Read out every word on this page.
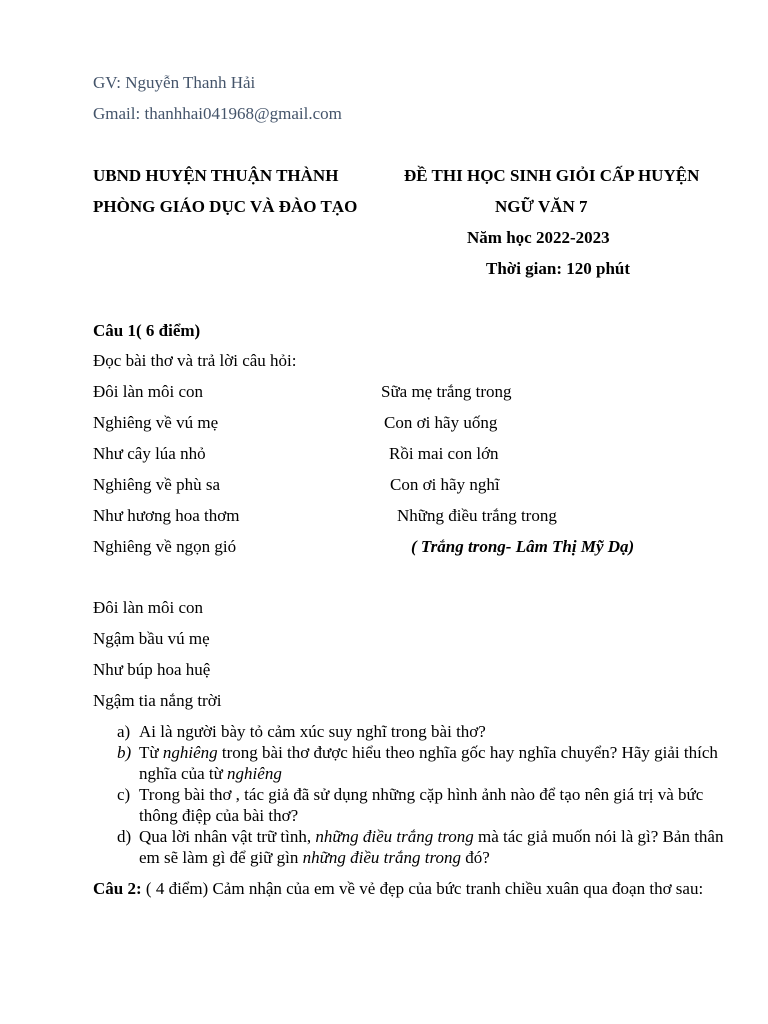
GV: Nguyễn Thanh Hải
Gmail: thanhhai041968@gmail.com
UBND HUYỆN THUẬN THÀNH
PHÒNG GIÁO DỤC VÀ ĐÀO TẠO
ĐỀ THI HỌC SINH GIỎI CẤP HUYỆN
NGỮ VĂN 7
Năm học 2022-2023
Thời gian: 120 phút
Câu 1( 6 điểm)
Đọc bài thơ và trả lời câu hỏi:
Đôi làn môi con
Nghiêng về vú mẹ
Như cây lúa nhỏ
Nghiêng về phù sa
Như hương hoa thơm
Nghiêng về ngọn gió
Sữa mẹ trắng trong
Con ơi hãy uống
Rồi mai con lớn
Con ơi hãy nghĩ
Những điều trắng trong
( Trắng trong- Lâm Thị Mỹ Dạ)
Đôi làn môi con
Ngậm bầu vú mẹ
Như búp hoa huệ
Ngậm tia nắng trời
a) Ai là người bày tỏ cảm xúc suy nghĩ trong bài thơ?
b) Từ nghiêng trong bài thơ được hiểu theo nghĩa gốc hay nghĩa chuyển? Hãy giải thích nghĩa của từ nghiêng
c) Trong bài thơ , tác giả đã sử dụng những cặp hình ảnh nào để tạo nên giá trị và bức thông điệp của bài thơ?
d) Qua lời nhân vật trữ tình, những điều trắng trong mà tác giả muốn nói là gì? Bản thân em sẽ làm gì để giữ gìn những điều trắng trong đó?
Câu 2: ( 4 điểm) Cảm nhận của em về vẻ đẹp của bức tranh chiều xuân qua đoạn thơ sau:
